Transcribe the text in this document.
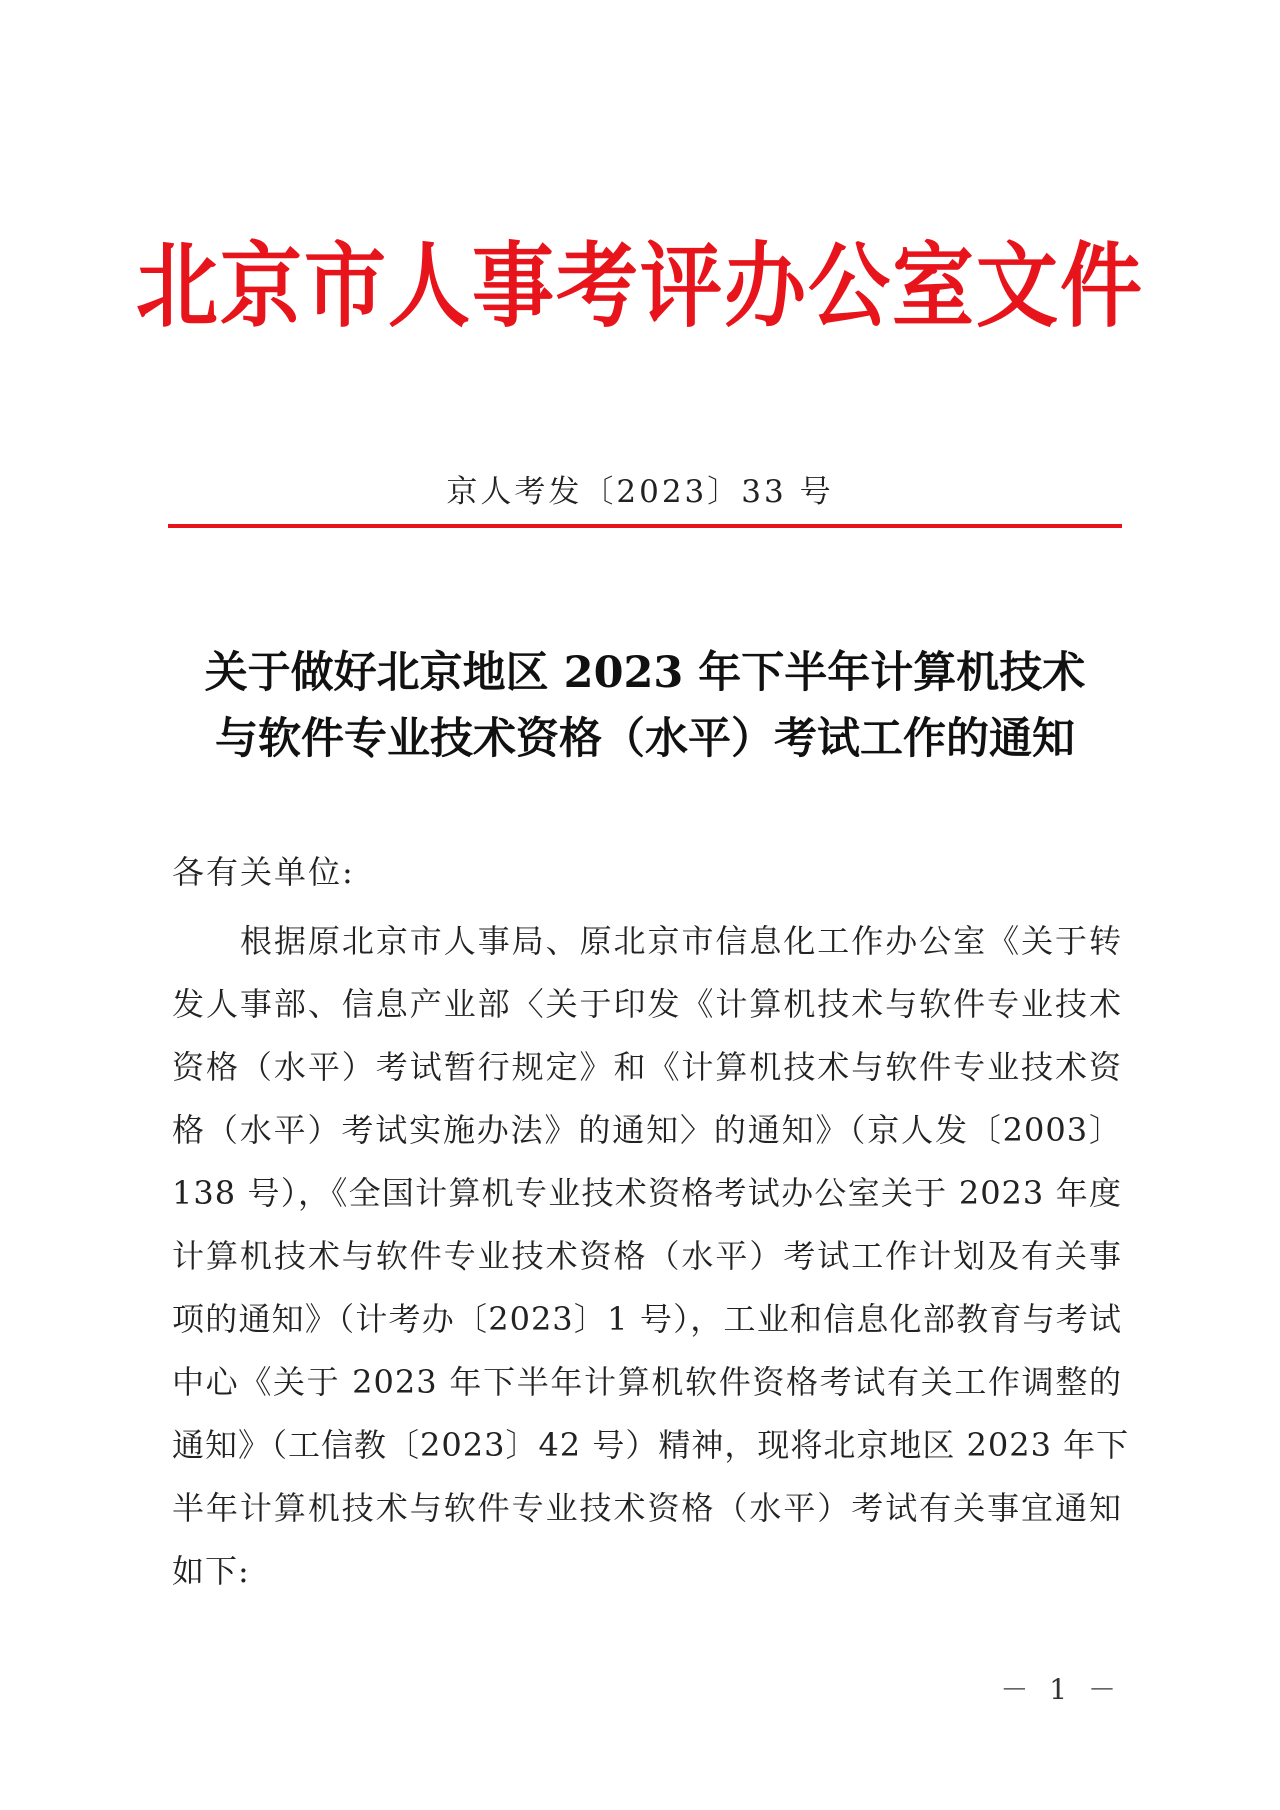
北京市人事考评办公室文件
京人考发〔2023〕33 号
关于做好北京地区 2023 年下半年计算机技术
与软件专业技术资格（水平）考试工作的通知
各有关单位:
根据原北京市人事局、原北京市信息化工作办公室《关于转
发人事部、信息产业部〈关于印发《计算机技术与软件专业技术
资格（水平）考试暂行规定》和《计算机技术与软件专业技术资
格（水平）考试实施办法》的通知〉的通知》（京人发〔2003〕
138 号），《全国计算机专业技术资格考试办公室关于 2023 年度
计算机技术与软件专业技术资格（水平）考试工作计划及有关事
项的通知》（计考办〔2023〕1 号），工业和信息化部教育与考试
中心《关于 2023 年下半年计算机软件资格考试有关工作调整的
通知》（工信教〔2023〕42 号）精神，现将北京地区 2023 年下
半年计算机技术与软件专业技术资格（水平）考试有关事宜通知
如下:
－ 1 －
